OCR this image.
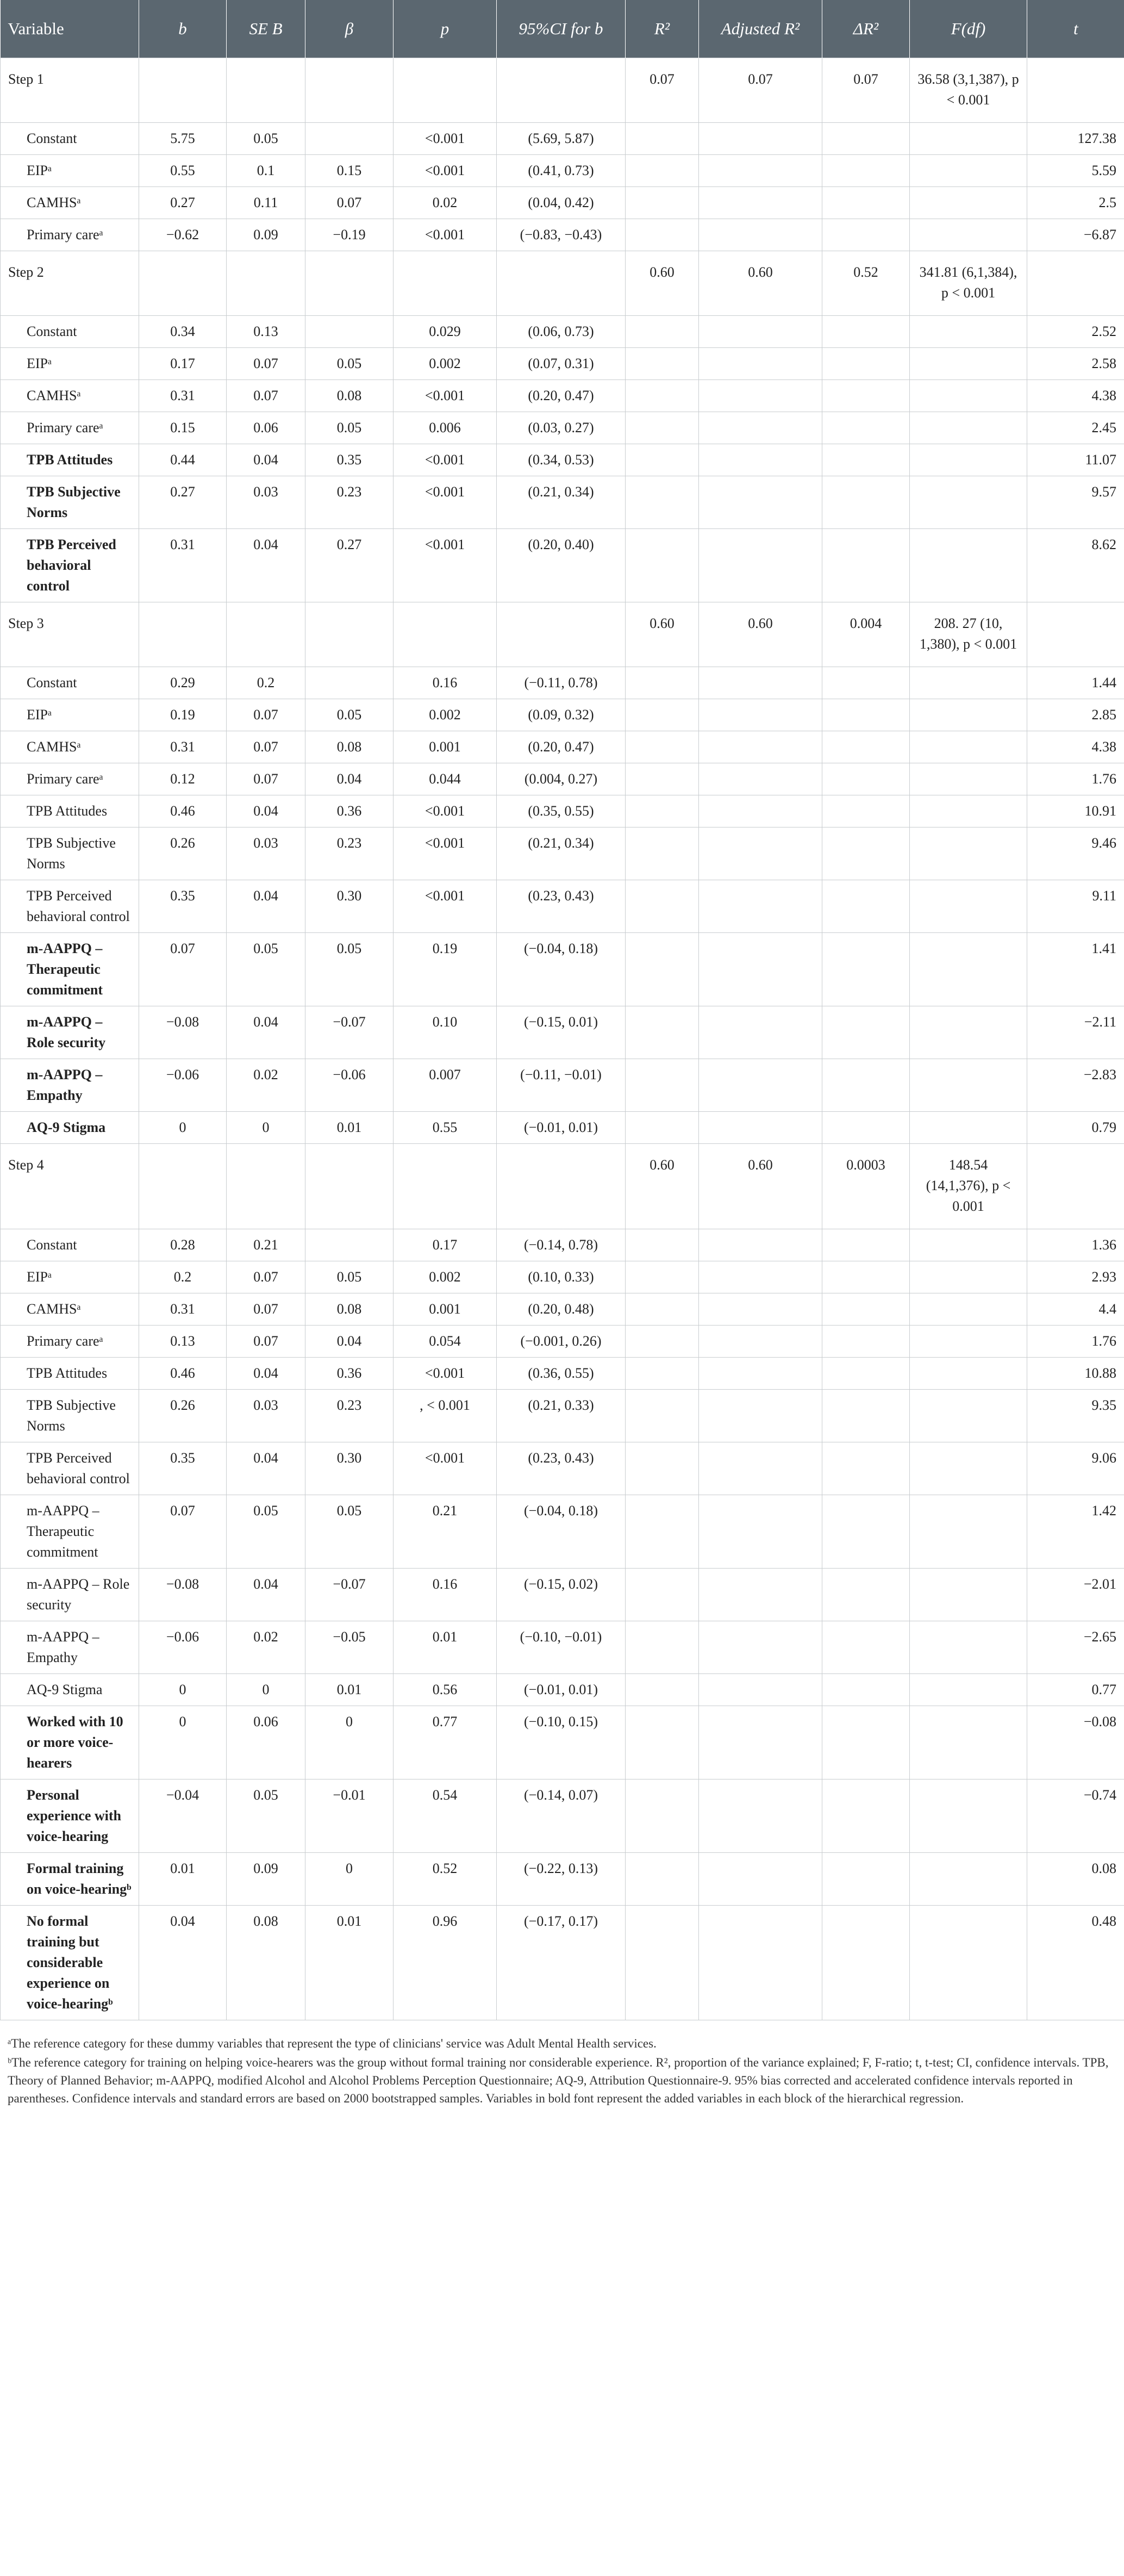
Variable	b	SE B	β	p	95%CI for b	R²	Adjusted R²	ΔR²	F(df)	t
Step 1						0.07	0.07	0.07	36.58 (3,1,387), p < 0.001	
Constant	5.75	0.05		<0.001	(5.69, 5.87)					127.38
EIPᵃ	0.55	0.1	0.15	<0.001	(0.41, 0.73)					5.59
CAMHSᵃ	0.27	0.11	0.07	0.02	(0.04, 0.42)					2.5
Primary careᵃ	−0.62	0.09	−0.19	<0.001	(−0.83, −0.43)					−6.87
Step 2						0.60	0.60	0.52	341.81 (6,1,384), p < 0.001	
Constant	0.34	0.13		0.029	(0.06, 0.73)					2.52
EIPᵃ	0.17	0.07	0.05	0.002	(0.07, 0.31)					2.58
CAMHSᵃ	0.31	0.07	0.08	<0.001	(0.20, 0.47)					4.38
Primary careᵃ	0.15	0.06	0.05	0.006	(0.03, 0.27)					2.45
TPB Attitudes	0.44	0.04	0.35	<0.001	(0.34, 0.53)					11.07
TPB Subjective Norms	0.27	0.03	0.23	<0.001	(0.21, 0.34)					9.57
TPB Perceived behavioral control	0.31	0.04	0.27	<0.001	(0.20, 0.40)					8.62
Step 3						0.60	0.60	0.004	208. 27 (10, 1,380), p < 0.001	
Constant	0.29	0.2		0.16	(−0.11, 0.78)					1.44
EIPᵃ	0.19	0.07	0.05	0.002	(0.09, 0.32)					2.85
CAMHSᵃ	0.31	0.07	0.08	0.001	(0.20, 0.47)					4.38
Primary careᵃ	0.12	0.07	0.04	0.044	(0.004, 0.27)					1.76
TPB Attitudes	0.46	0.04	0.36	<0.001	(0.35, 0.55)					10.91
TPB Subjective Norms	0.26	0.03	0.23	<0.001	(0.21, 0.34)					9.46
TPB Perceived behavioral control	0.35	0.04	0.30	<0.001	(0.23, 0.43)					9.11
m-AAPPQ – Therapeutic commitment	0.07	0.05	0.05	0.19	(−0.04, 0.18)					1.41
m-AAPPQ – Role security	−0.08	0.04	−0.07	0.10	(−0.15, 0.01)					−2.11
m-AAPPQ – Empathy	−0.06	0.02	−0.06	0.007	(−0.11, −0.01)					−2.83
AQ-9 Stigma	0	0	0.01	0.55	(−0.01, 0.01)					0.79
Step 4						0.60	0.60	0.0003	148.54 (14,1,376), p < 0.001	
Constant	0.28	0.21		0.17	(−0.14, 0.78)					1.36
EIPᵃ	0.2	0.07	0.05	0.002	(0.10, 0.33)					2.93
CAMHSᵃ	0.31	0.07	0.08	0.001	(0.20, 0.48)					4.4
Primary careᵃ	0.13	0.07	0.04	0.054	(−0.001, 0.26)					1.76
TPB Attitudes	0.46	0.04	0.36	<0.001	(0.36, 0.55)					10.88
TPB Subjective Norms	0.26	0.03	0.23	, < 0.001	(0.21, 0.33)					9.35
TPB Perceived behavioral control	0.35	0.04	0.30	<0.001	(0.23, 0.43)					9.06
m-AAPPQ – Therapeutic commitment	0.07	0.05	0.05	0.21	(−0.04, 0.18)					1.42
m-AAPPQ – Role security	−0.08	0.04	−0.07	0.16	(−0.15, 0.02)					−2.01
m-AAPPQ – Empathy	−0.06	0.02	−0.05	0.01	(−0.10, −0.01)					−2.65
AQ-9 Stigma	0	0	0.01	0.56	(−0.01, 0.01)					0.77
Worked with 10 or more voice-hearers	0	0.06	0	0.77	(−0.10, 0.15)					−0.08
Personal experience with voice-hearing	−0.04	0.05	−0.01	0.54	(−0.14, 0.07)					−0.74
Formal training on voice-hearingᵇ	0.01	0.09	0	0.52	(−0.22, 0.13)					0.08
No formal training but considerable experience on voice-hearingᵇ	0.04	0.08	0.01	0.96	(−0.17, 0.17)					0.48

ᵃThe reference category for these dummy variables that represent the type of clinicians' service was Adult Mental Health services.

ᵇThe reference category for training on helping voice-hearers was the group without formal training nor considerable experience. R², proportion of the variance explained; F, F-ratio; t, t-test; CI, confidence intervals. TPB, Theory of Planned Behavior; m-AAPPQ, modified Alcohol and Alcohol Problems Perception Questionnaire; AQ-9, Attribution Questionnaire-9. 95% bias corrected and accelerated confidence intervals reported in parentheses. Confidence intervals and standard errors are based on 2000 bootstrapped samples. Variables in bold font represent the added variables in each block of the hierarchical regression.
